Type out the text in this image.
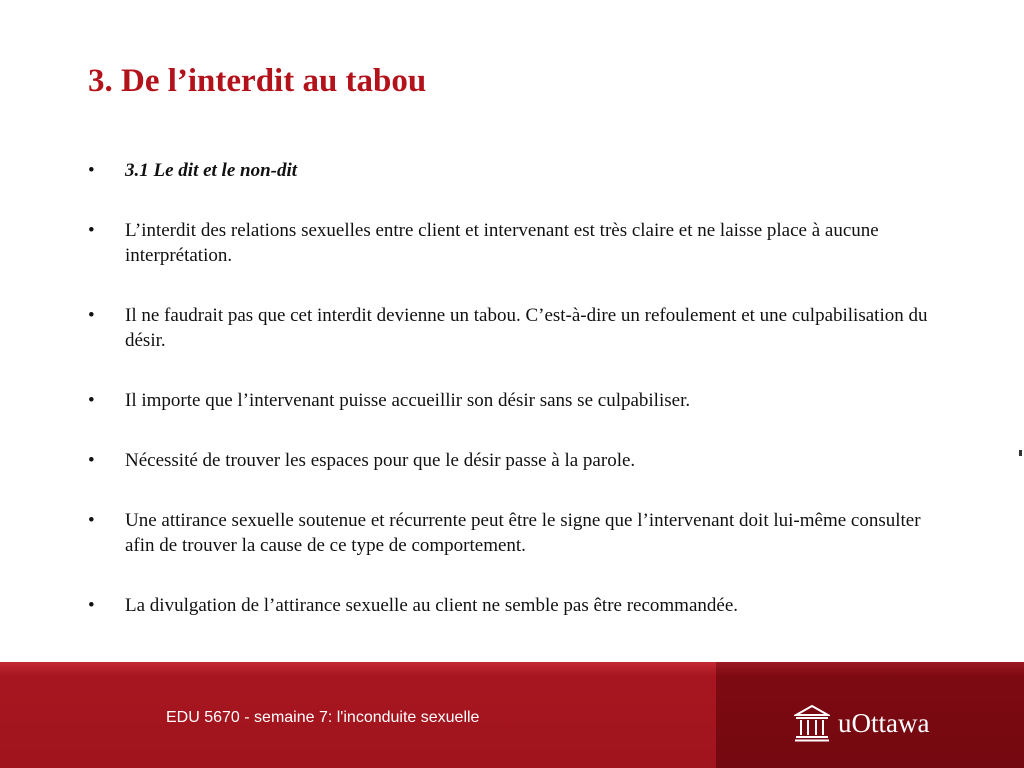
3. De l’interdit au tabou
• 3.1 Le dit et le non-dit
• L’interdit des relations sexuelles entre client et intervenant est très claire et ne laisse place à aucune interprétation.
• Il ne faudrait pas que cet interdit devienne un tabou. C’est-à-dire un refoulement et une culpabilisation du désir.
• Il importe que l’intervenant puisse accueillir son désir sans se culpabiliser.
• Nécessité de trouver les espaces pour que le désir passe à la parole.
• Une attirance sexuelle soutenue et récurrente peut être le signe que l’intervenant doit lui-même consulter afin de trouver la cause de ce type de comportement.
• La divulgation de l’attirance sexuelle au client ne semble pas être recommandée.
EDU 5670 - semaine 7: l'inconduite sexuelle	uOttawa
